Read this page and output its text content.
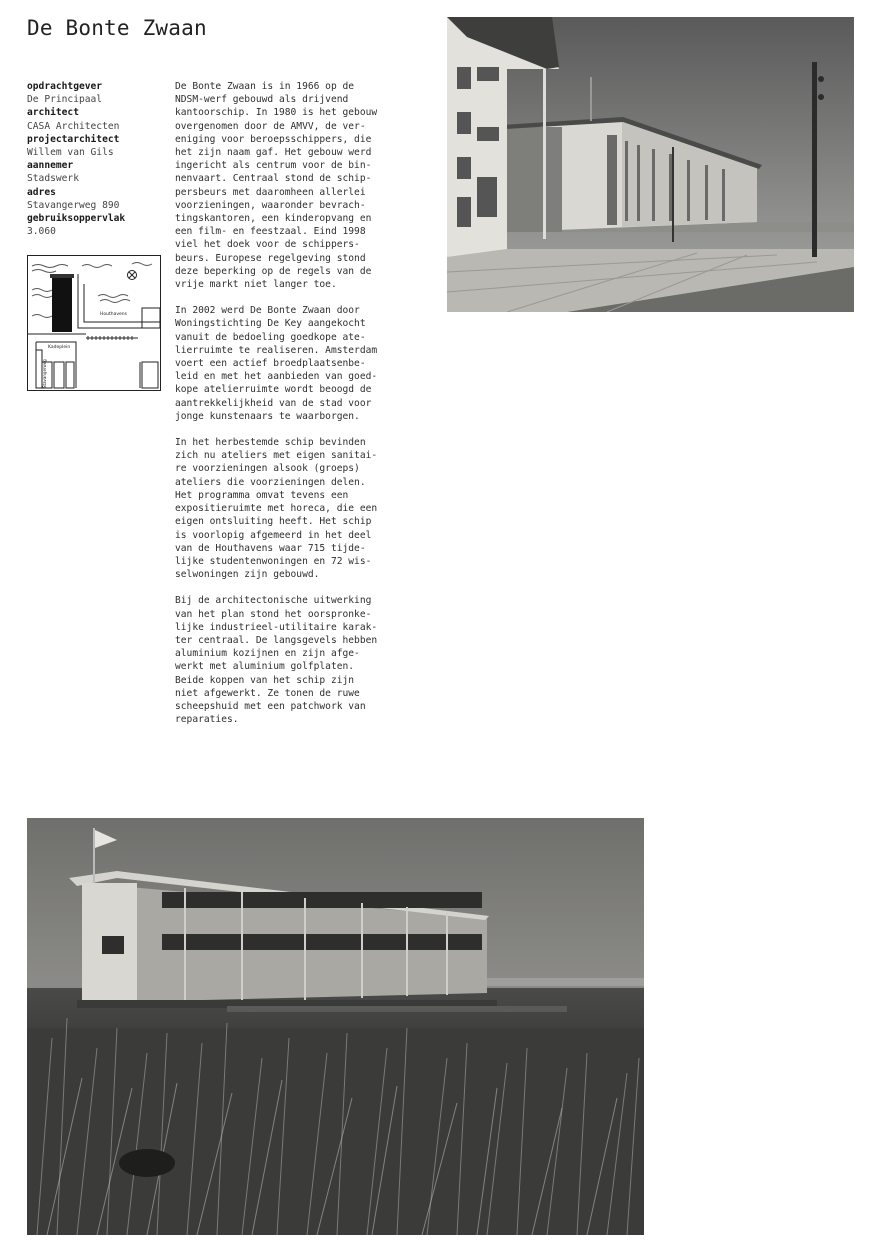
De Bonte Zwaan
opdrachtgever
De Principaal
architect
CASA Architecten
projectarchitect
Willem van Gils
aannemer
Stadswerk
adres
Stavangerweg 890
gebruiksoppervlak
3.060
Houthavens
Kadeplein
Stavangerweg

De Bonte Zwaan is in 1966 op de
NDSM-werf gebouwd als drijvend
kantoorschip. In 1980 is het gebouw
overgenomen door de AMVV, de ver-
eniging voor beroepsschippers, die
het zijn naam gaf. Het gebouw werd
ingericht als centrum voor de bin-
nenvaart. Centraal stond de schip-
persbeurs met daaromheen allerlei
voorzieningen, waaronder bevrach-
tingskantoren, een kinderopvang en
een film- en feestzaal. Eind 1998
viel het doek voor de schippers-
beurs. Europese regelgeving stond
deze beperking op de regels van de
vrije markt niet langer toe.

In 2002 werd De Bonte Zwaan door
Woningstichting De Key aangekocht
vanuit de bedoeling goedkope ate-
lierruimte te realiseren. Amsterdam
voert een actief broedplaatsenbe-
leid en met het aanbieden van goed-
kope atelierruimte wordt beoogd de
aantrekkelijkheid van de stad voor
jonge kunstenaars te waarborgen.

In het herbestemde schip bevinden
zich nu ateliers met eigen sanitai-
re voorzieningen alsook (groeps)
ateliers die voorzieningen delen.
Het programma omvat tevens een
expositieruimte met horeca, die een
eigen ontsluiting heeft. Het schip
is voorlopig afgemeerd in het deel
van de Houthavens waar 715 tijde-
lijke studentenwoningen en 72 wis-
selwoningen zijn gebouwd.

Bij de architectonische uitwerking
van het plan stond het oorspronke-
lijke industrieel-utilitaire karak-
ter centraal. De langsgevels hebben
aluminium kozijnen en zijn afge-
werkt met aluminium golfplaten.
Beide koppen van het schip zijn
niet afgewerkt. Ze tonen de ruwe
scheepshuid met een patchwork van
reparaties.
